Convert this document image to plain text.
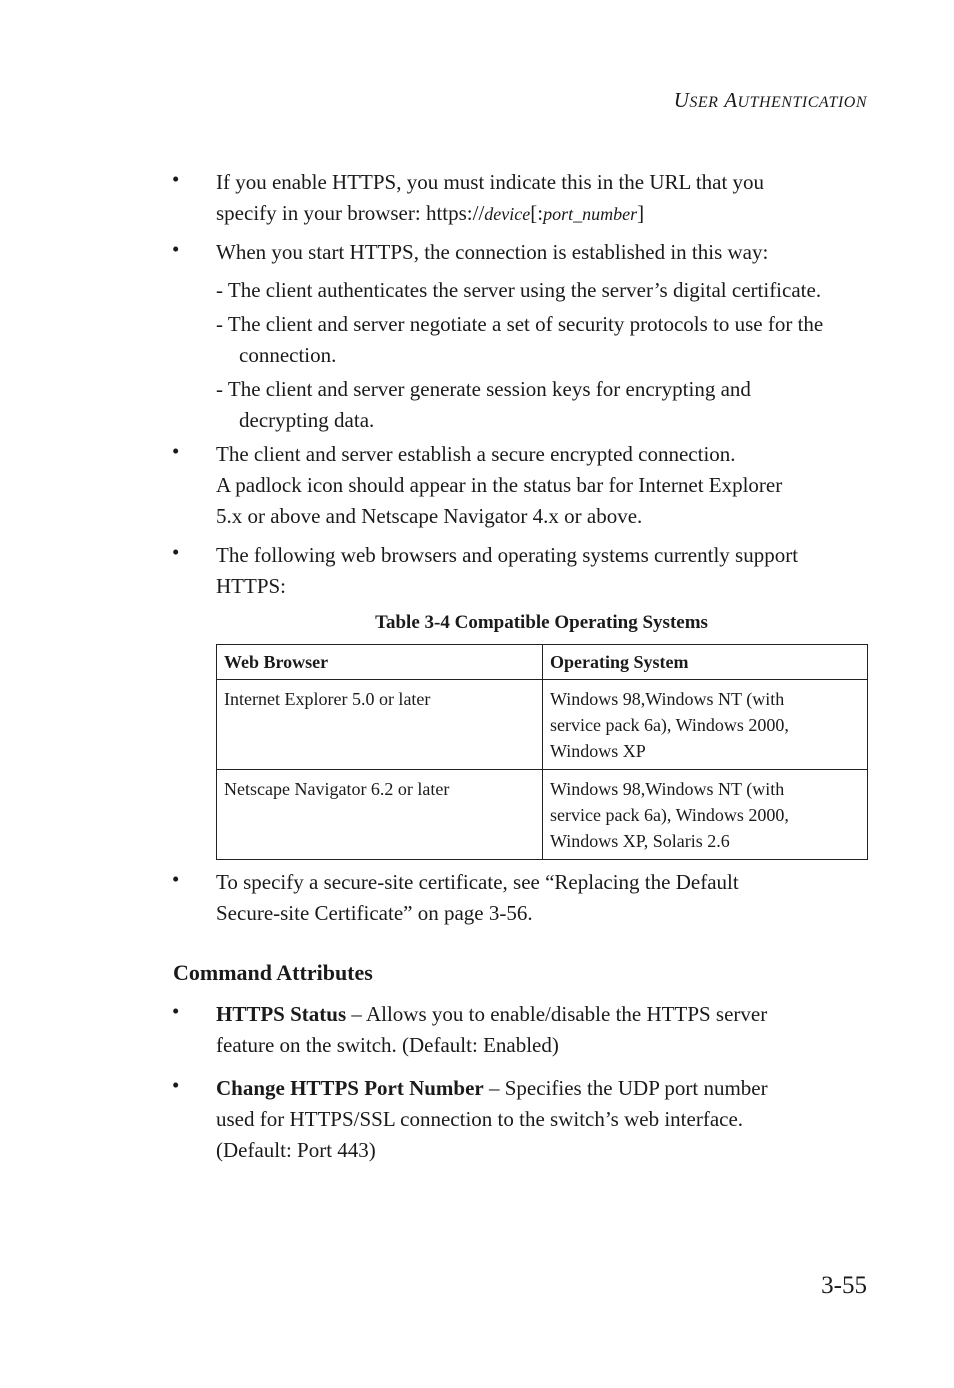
USER AUTHENTICATION
• If you enable HTTPS, you must indicate this in the URL that you
specify in your browser: https://device[:port_number]
• When you start HTTPS, the connection is established in this way:
- The client authenticates the server using the server’s digital certificate.
- The client and server negotiate a set of security protocols to use for the
connection.
- The client and server generate session keys for encrypting and
decrypting data.
• The client and server establish a secure encrypted connection.
A padlock icon should appear in the status bar for Internet Explorer
5.x or above and Netscape Navigator 4.x or above.
• The following web browsers and operating systems currently support
HTTPS:
Table 3-4 Compatible Operating Systems
Web Browser	Operating System
Internet Explorer 5.0 or later	Windows 98,Windows NT (with
service pack 6a), Windows 2000,
Windows XP

Netscape Navigator 6.2 or later	Windows 98,Windows NT (with
service pack 6a), Windows 2000,
Windows XP, Solaris 2.6
• To specify a secure-site certificate, see “Replacing the Default
Secure-site Certificate” on page 3-56.
Command Attributes
• HTTPS Status – Allows you to enable/disable the HTTPS server
feature on the switch. (Default: Enabled)
• Change HTTPS Port Number – Specifies the UDP port number
used for HTTPS/SSL connection to the switch’s web interface.
(Default: Port 443)
3-55
